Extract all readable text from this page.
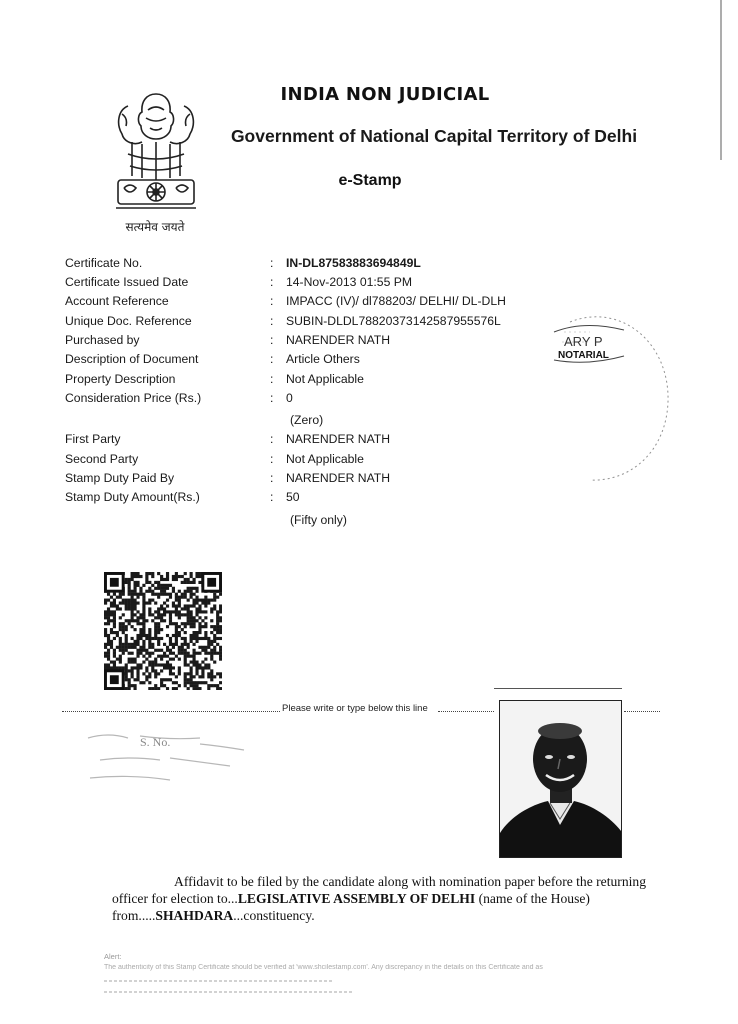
सत्यमेव जयते
INDIA NON JUDICIAL
Government of National Capital Territory of Delhi
e-Stamp
Certificate No.	: IN-DL87583883694849L
Certificate Issued Date	: 14-Nov-2013 01:55 PM
Account Reference	: IMPACC (IV)/ dl788203/ DELHI/ DL-DLH
Unique Doc. Reference	: SUBIN-DLDL78820373142587955576L
Purchased by	: NARENDER NATH
Description of Document	: Article Others
Property Description	: Not Applicable
Consideration Price (Rs.)	: 0
(Zero)
First Party	: NARENDER NATH
Second Party	: Not Applicable
Stamp Duty Paid By	: NARENDER NATH
Stamp Duty Amount(Rs.)	: 50
(Fifty only)
ARY P
NOTARIAL
Please write or type below this line
S. No.

Affidavit to be filed by the candidate along with nomination paper before the returning

officer for election to...LEGISLATIVE ASSEMBLY OF DELHI (name of the House)

from.....SHAHDARA...constituency.

Alert:
The authenticity of this Stamp Certificate should be verified at 'www.shcilestamp.com'. Any discrepancy in the details on this Certificate and as
